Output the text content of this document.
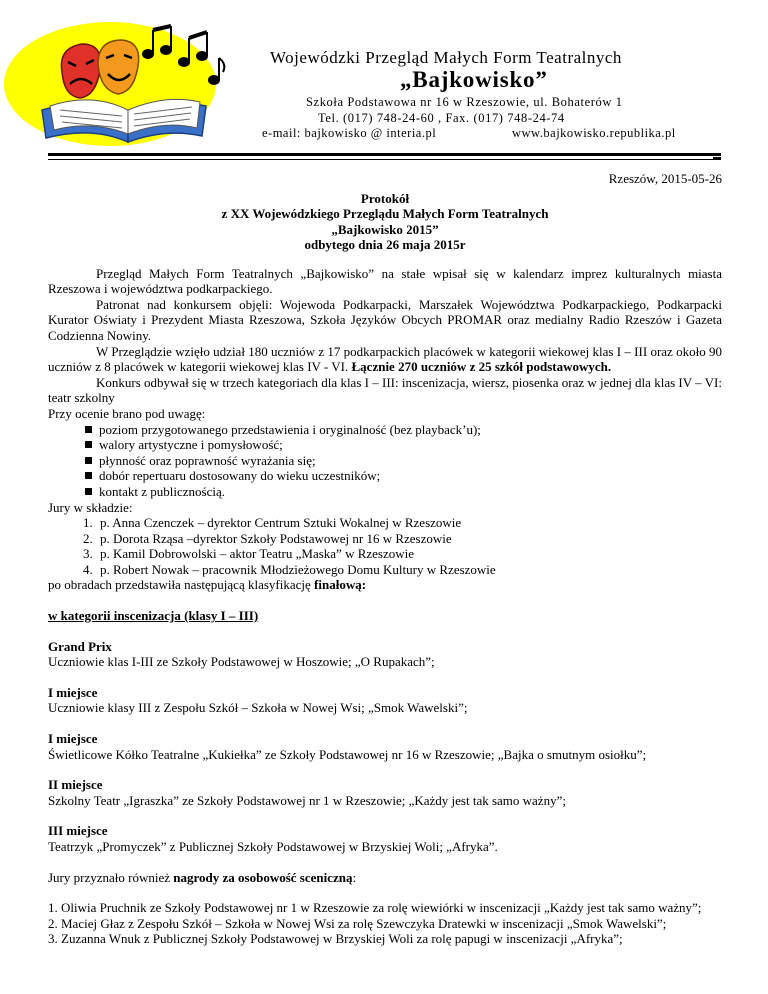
Wojewódzki Przegląd Małych Form Teatralnych
„Bajkowisko”
Szkoła Podstawowa nr 16 w Rzeszowie, ul. Bohaterów 1
Tel. (017) 748-24-60 , Fax. (017) 748-24-74
e-mail: bajkowisko @ interia.pl	www.bajkowisko.republika.pl
Rzeszów, 2015-05-26
Protokół
z XX Wojewódzkiego Przeglądu Małych Form Teatralnych
„Bajkowisko 2015”
odbytego dnia 26 maja 2015r

Przegląd Małych Form Teatralnych „Bajkowisko” na stałe wpisał się w kalendarz imprez kulturalnych miasta Rzeszowa i województwa podkarpackiego.

Patronat nad konkursem objęli: Wojewoda Podkarpacki, Marszałek Województwa Podkarpackiego, Podkarpacki Kurator Oświaty i Prezydent Miasta Rzeszowa, Szkoła Języków Obcych PROMAR oraz medialny Radio Rzeszów i Gazeta Codzienna Nowiny.

W Przeglądzie wzięło udział 180 uczniów z 17 podkarpackich placówek w kategorii wiekowej klas I – III oraz około 90 uczniów z 8 placówek w kategorii wiekowej klas IV - VI. Łącznie 270 uczniów z 25 szkół podstawowych.

Konkurs odbywał się w trzech kategoriach dla klas I – III: inscenizacja, wiersz, piosenka oraz w jednej dla klas IV – VI: teatr szkolny

Przy ocenie brano pod uwagę:

poziom przygotowanego przedstawienia i oryginalność (bez playback’u);
walory artystyczne i pomysłowość;
płynność oraz poprawność wyrażania się;
dobór repertuaru dostosowany do wieku uczestników;
kontakt z publicznością.

Jury w składzie:

1. p. Anna Czenczek – dyrektor Centrum Sztuki Wokalnej w Rzeszowie
2. p. Dorota Rząsa –dyrektor Szkoły Podstawowej nr 16 w Rzeszowie
3. p. Kamil Dobrowolski – aktor Teatru „Maska” w Rzeszowie
4. p. Robert Nowak – pracownik Młodzieżowego Domu Kultury w Rzeszowie

po obradach przedstawiła następującą klasyfikację finałową:

w kategorii inscenizacja (klasy I – III)
Grand Prix

Uczniowie klas I-III ze Szkoły Podstawowej w Hoszowie; „O Rupakach”;

I miejsce

Uczniowie klasy III z Zespołu Szkół – Szkoła w Nowej Wsi; „Smok Wawelski”;

I miejsce

Świetlicowe Kółko Teatralne „Kukiełka” ze Szkoły Podstawowej nr 16 w Rzeszowie; „Bajka o smutnym osiołku”;

II miejsce

Szkolny Teatr „Igraszka” ze Szkoły Podstawowej nr 1 w Rzeszowie; „Każdy jest tak samo ważny”;

III miejsce

Teatrzyk „Promyczek” z Publicznej Szkoły Podstawowej w Brzyskiej Woli; „Afryka”.

Jury przyznało również nagrody za osobowość sceniczną:

1. Oliwia Pruchnik ze Szkoły Podstawowej nr 1 w Rzeszowie za rolę wiewiórki w inscenizacji „Każdy jest tak samo ważny”;

2. Maciej Głaz z Zespołu Szkół – Szkoła w Nowej Wsi za rolę Szewczyka Dratewki w inscenizacji „Smok Wawelski”;

3. Zuzanna Wnuk z Publicznej Szkoły Podstawowej w Brzyskiej Woli za rolę papugi w inscenizacji „Afryka”;
